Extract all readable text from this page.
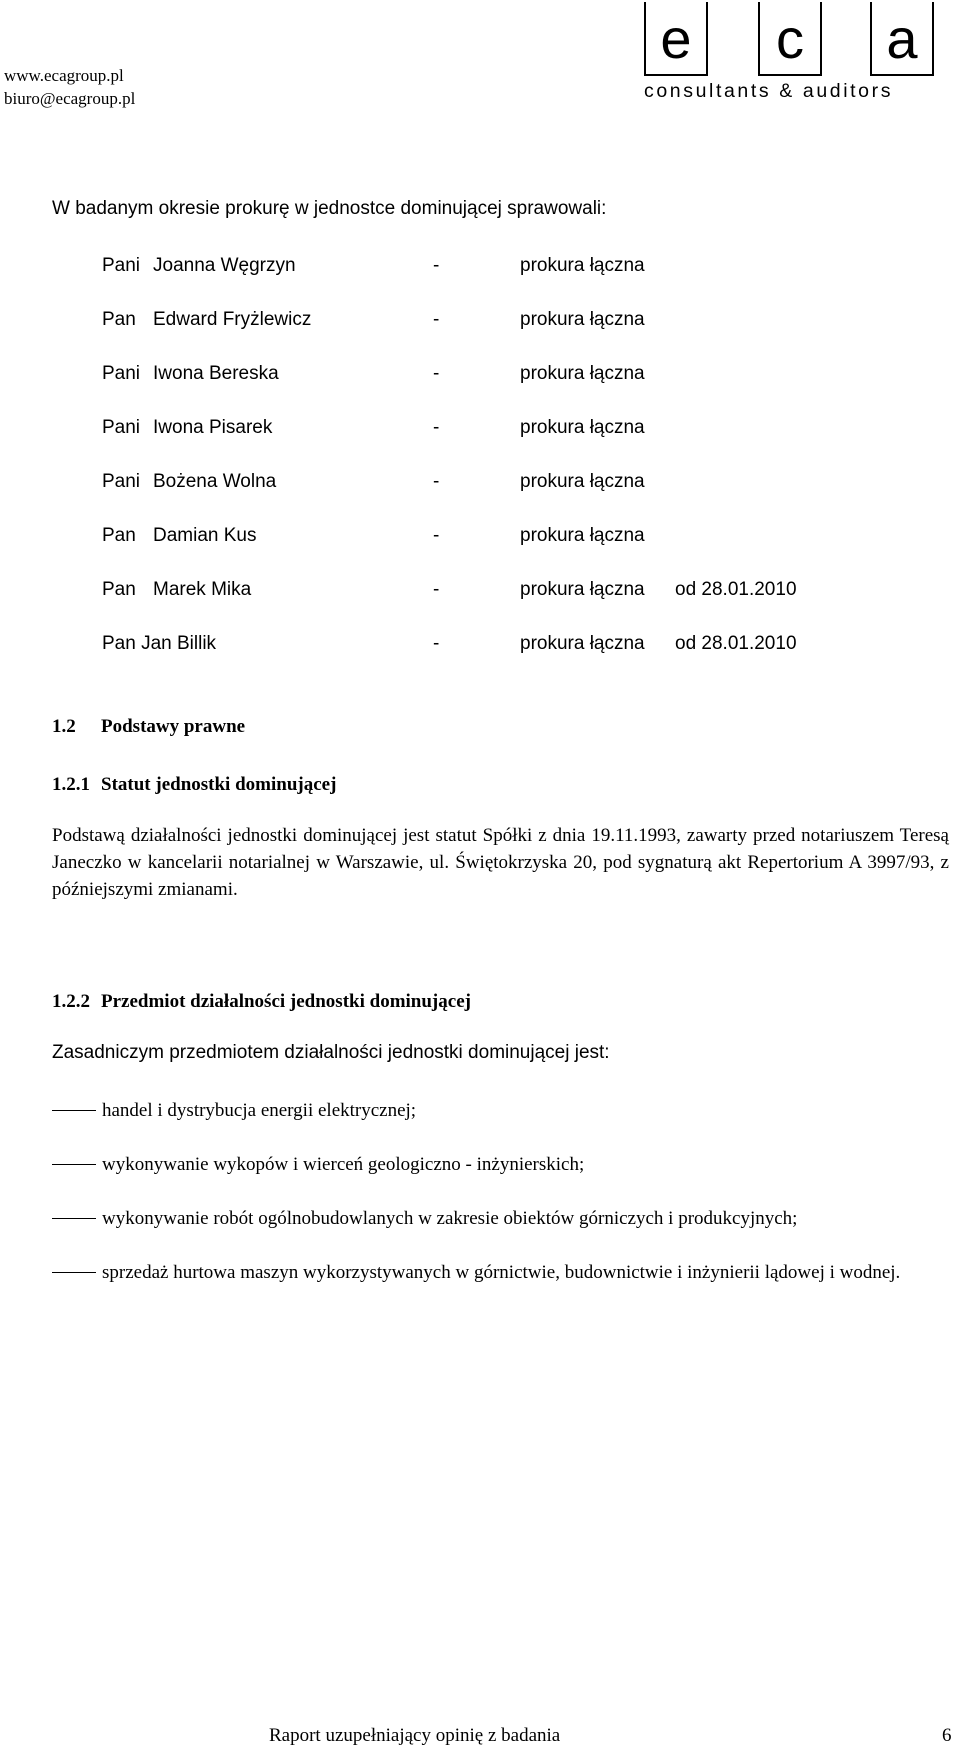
www.ecagroup.pl
biuro@ecagroup.pl
e c a
consultants & auditors
W badanym okresie prokurę w jednostce dominującej sprawowali:
Pani Joanna Węgrzyn	-	prokura łączna
Pan Edward Fryżlewicz	-	prokura łączna
Pani Iwona Bereska	-	prokura łączna
Pani Iwona Pisarek	-	prokura łączna
Pani Bożena Wolna	-	prokura łączna
Pan Damian Kus	-	prokura łączna
Pan Marek Mika	-	prokura łączna od 28.01.2010
Pan Jan Billik	-	prokura łączna od 28.01.2010
1.2 Podstawy prawne
1.2.1 Statut jednostki dominującej
Podstawą działalności jednostki dominującej jest statut Spółki z dnia 19.11.1993, zawarty przed notariuszem Teresą Janeczko w kancelarii notarialnej w Warszawie, ul. Świętokrzyska 20, pod sygnaturą akt Repertorium A 3997/93, z późniejszymi zmianami.
1.2.2 Przedmiot działalności jednostki dominującej
Zasadniczym przedmiotem działalności jednostki dominującej jest:
handel i dystrybucja energii elektrycznej;
wykonywanie wykopów i wierceń geologiczno - inżynierskich;
wykonywanie robót ogólnobudowlanych w zakresie obiektów górniczych i produkcyjnych;
sprzedaż hurtowa maszyn wykorzystywanych w górnictwie, budownictwie i inżynierii lądowej i wodnej.
Raport uzupełniający opinię z badania	6
